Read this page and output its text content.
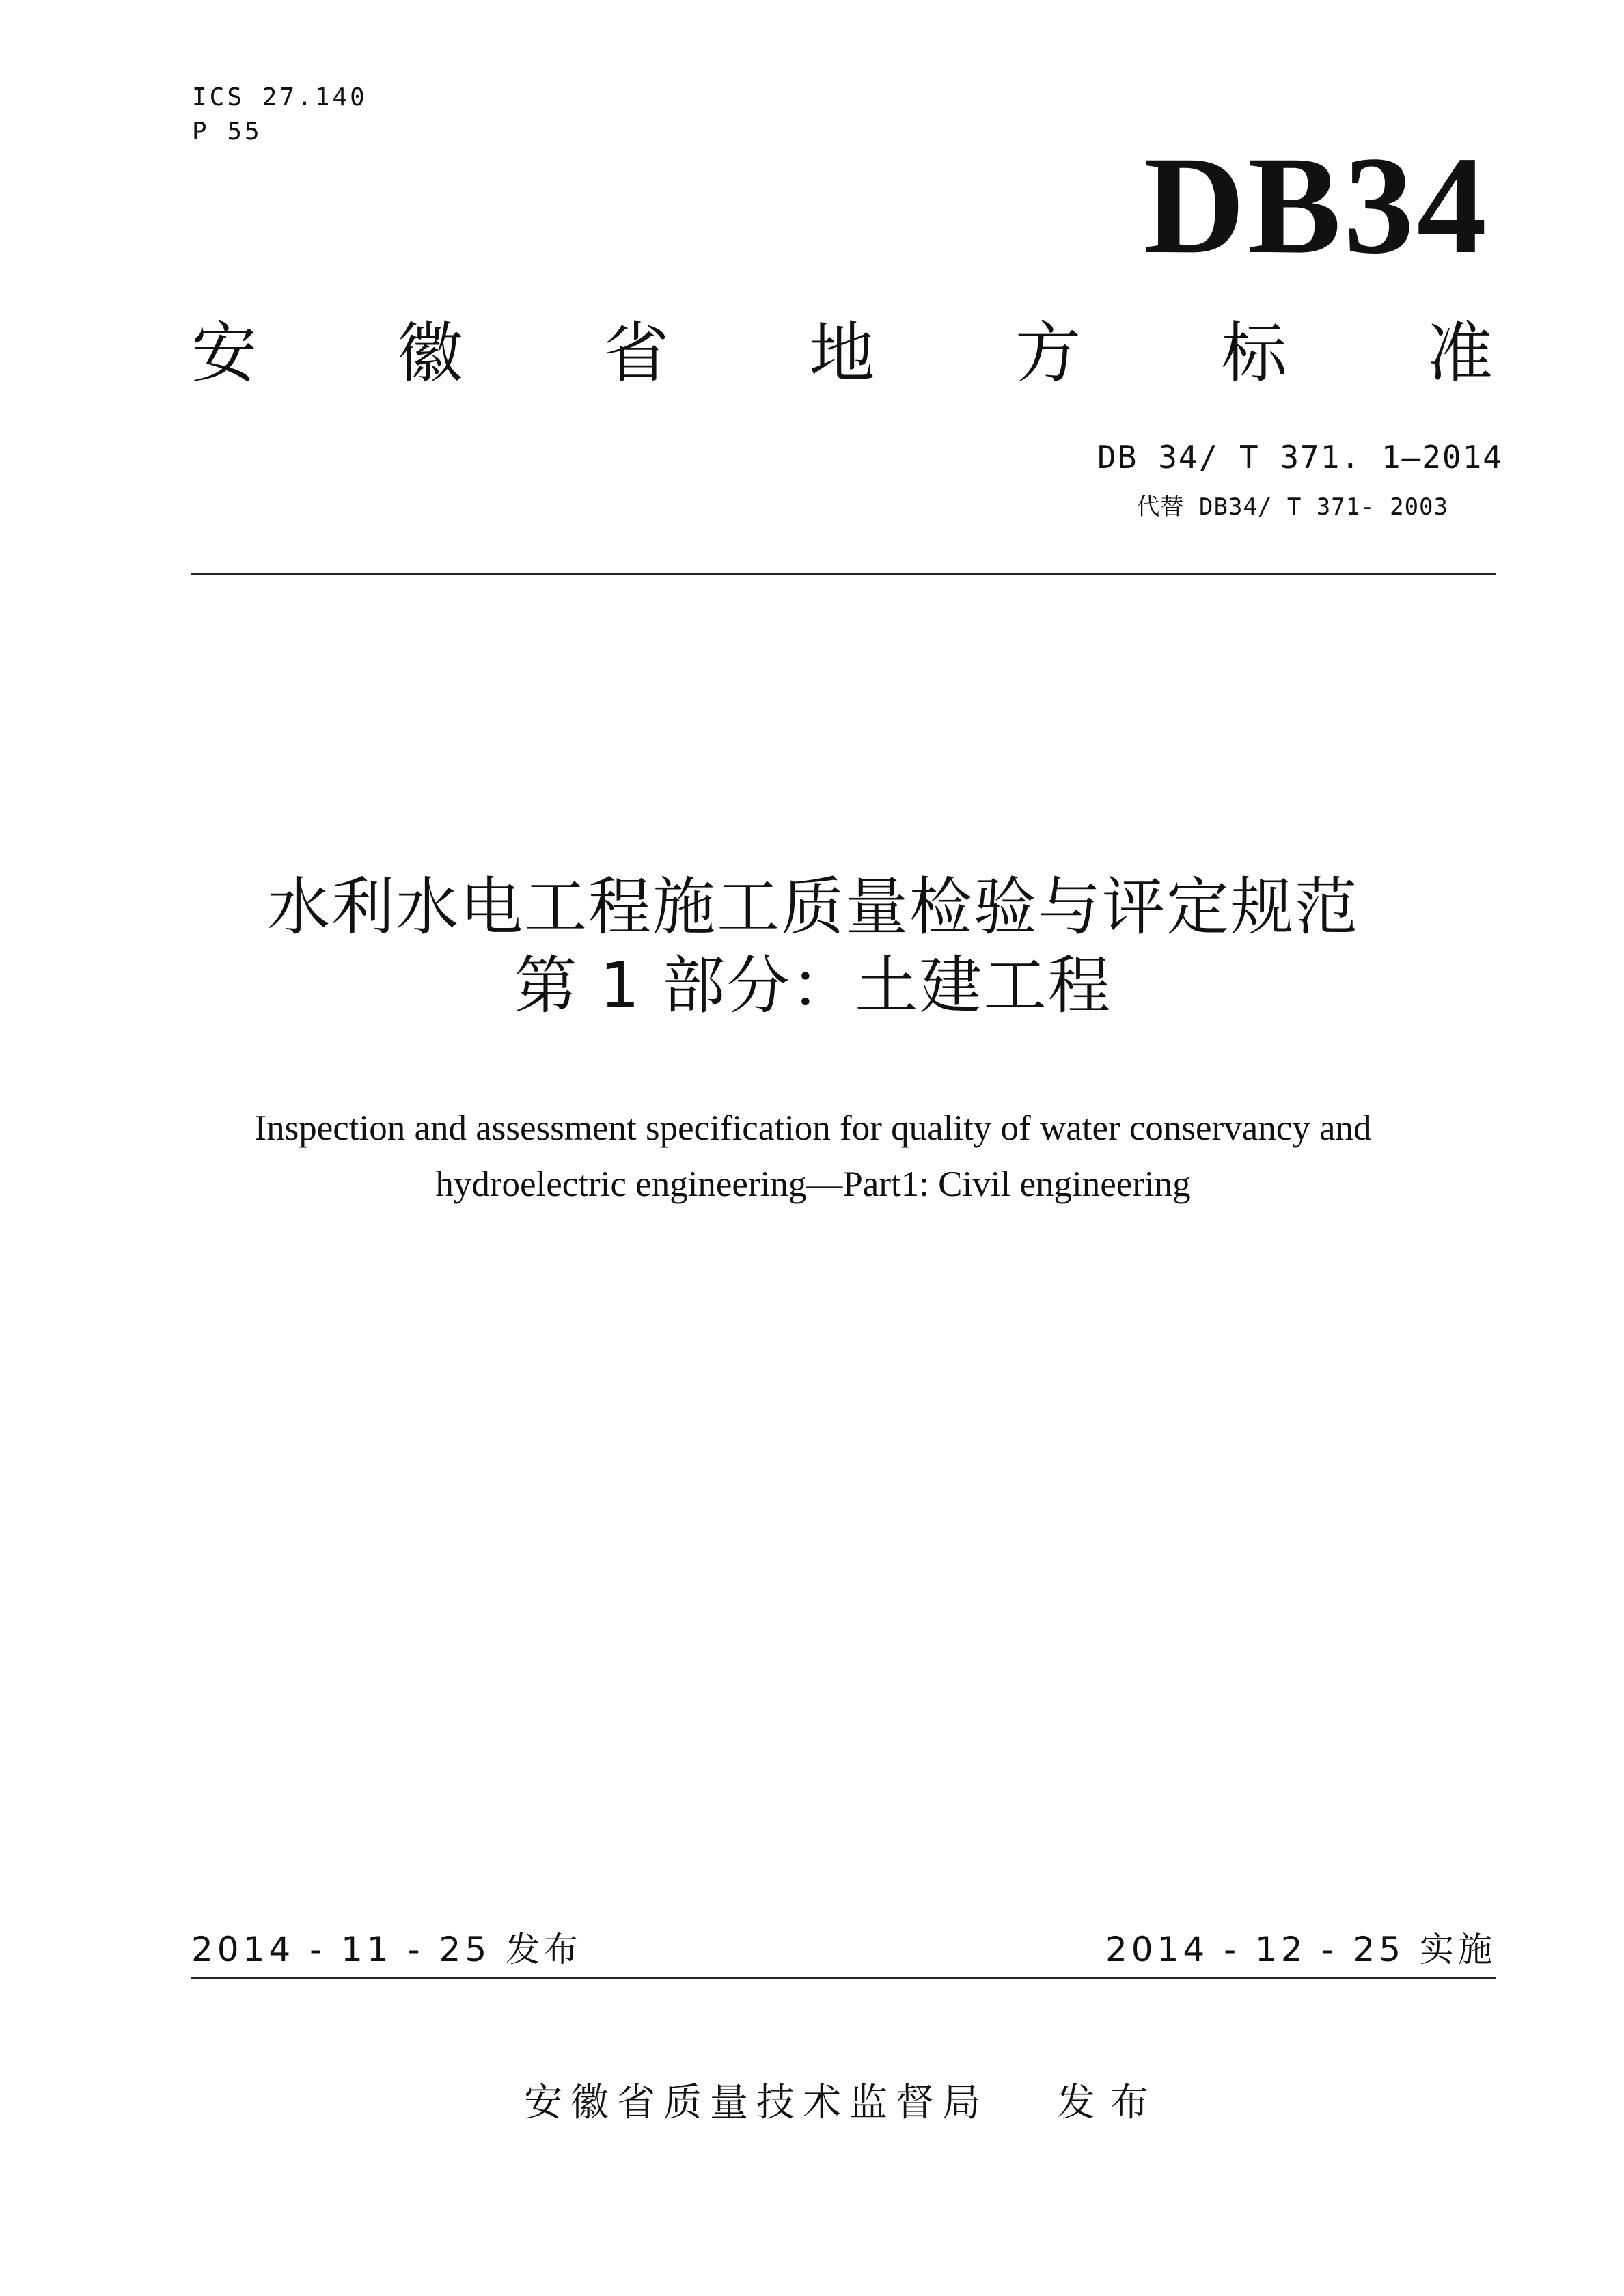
ICS 27.140
P 55	DB34
安 徽 省 地 方 标 准
DB 34/ T 371. 1—2014
代替 DB34/ T 371- 2003
水利水电工程施工质量检验与评定规范
第 1 部分：土建工程
Inspection and assessment specification for quality of water conservancy and
hydroelectric engineering—Part1: Civil engineering
2014 - 11 - 25 发布	2014 - 12 - 25 实施
安徽省质量技术监督局 发布
